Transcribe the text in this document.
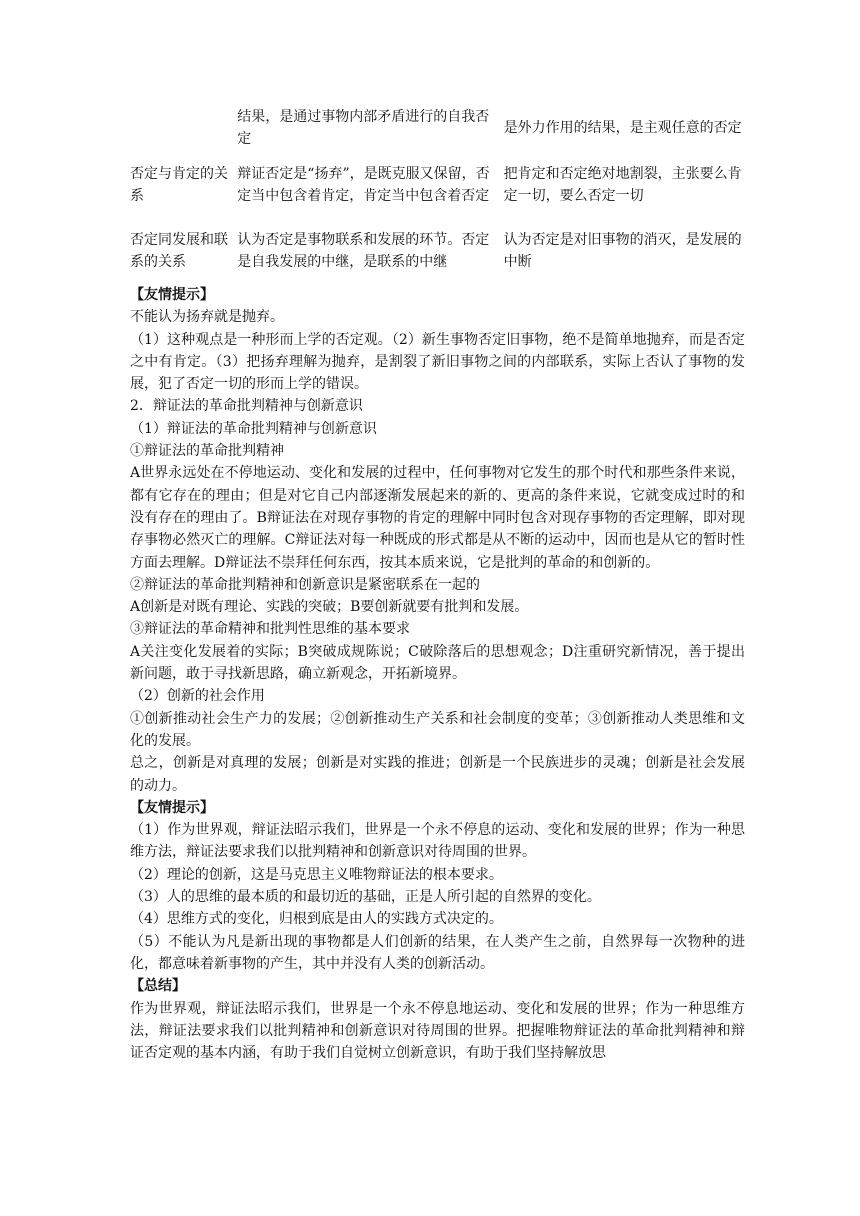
	结果，是通过事物内部矛盾进行的自我否定	是外力作用的结果，是主观任意的否定
否定与肯定的关系	辩证否定是“扬弃”，是既克服又保留，否定当中包含着肯定，肯定当中包含着否定	把肯定和否定绝对地割裂，主张要么肯定一切，要么否定一切
否定同发展和联系的关系	认为否定是事物联系和发展的环节。否定是自我发展的中继，是联系的中继	认为否定是对旧事物的消灭，是发展的中断

【友情提示】

不能认为扬弃就是抛弃。

（1）这种观点是一种形而上学的否定观。（2）新生事物否定旧事物，绝不是简单地抛弃，而是否定之中有肯定。（3）把扬弃理解为抛弃，是割裂了新旧事物之间的内部联系，实际上否认了事物的发展，犯了否定一切的形而上学的错误。

2．辩证法的革命批判精神与创新意识

（1）辩证法的革命批判精神与创新意识

①辩证法的革命批判精神

A世界永远处在不停地运动、变化和发展的过程中，任何事物对它发生的那个时代和那些条件来说，都有它存在的理由；但是对它自己内部逐渐发展起来的新的、更高的条件来说，它就变成过时的和没有存在的理由了。B辩证法在对现存事物的肯定的理解中同时包含对现存事物的否定理解，即对现存事物必然灭亡的理解。C辩证法对每一种既成的形式都是从不断的运动中，因而也是从它的暂时性方面去理解。D辩证法不崇拜任何东西，按其本质来说，它是批判的革命的和创新的。

②辩证法的革命批判精神和创新意识是紧密联系在一起的

A创新是对既有理论、实践的突破；B要创新就要有批判和发展。

③辩证法的革命精神和批判性思维的基本要求

A关注变化发展着的实际；B突破成规陈说；C破除落后的思想观念；D注重研究新情况，善于提出新问题，敢于寻找新思路，确立新观念，开拓新境界。

（2）创新的社会作用

①创新推动社会生产力的发展；②创新推动生产关系和社会制度的变革；③创新推动人类思维和文化的发展。

总之，创新是对真理的发展；创新是对实践的推进；创新是一个民族进步的灵魂；创新是社会发展的动力。

【友情提示】

（1）作为世界观，辩证法昭示我们，世界是一个永不停息的运动、变化和发展的世界；作为一种思维方法，辩证法要求我们以批判精神和创新意识对待周围的世界。

（2）理论的创新，这是马克思主义唯物辩证法的根本要求。

（3）人的思维的最本质的和最切近的基础，正是人所引起的自然界的变化。

（4）思维方式的变化，归根到底是由人的实践方式决定的。

（5）不能认为凡是新出现的事物都是人们创新的结果，在人类产生之前，自然界每一次物种的进化，都意味着新事物的产生，其中并没有人类的创新活动。

【总结】

作为世界观，辩证法昭示我们，世界是一个永不停息地运动、变化和发展的世界；作为一种思维方法，辩证法要求我们以批判精神和创新意识对待周围的世界。把握唯物辩证法的革命批判精神和辩证否定观的基本内涵，有助于我们自觉树立创新意识，有助于我们坚持解放思
